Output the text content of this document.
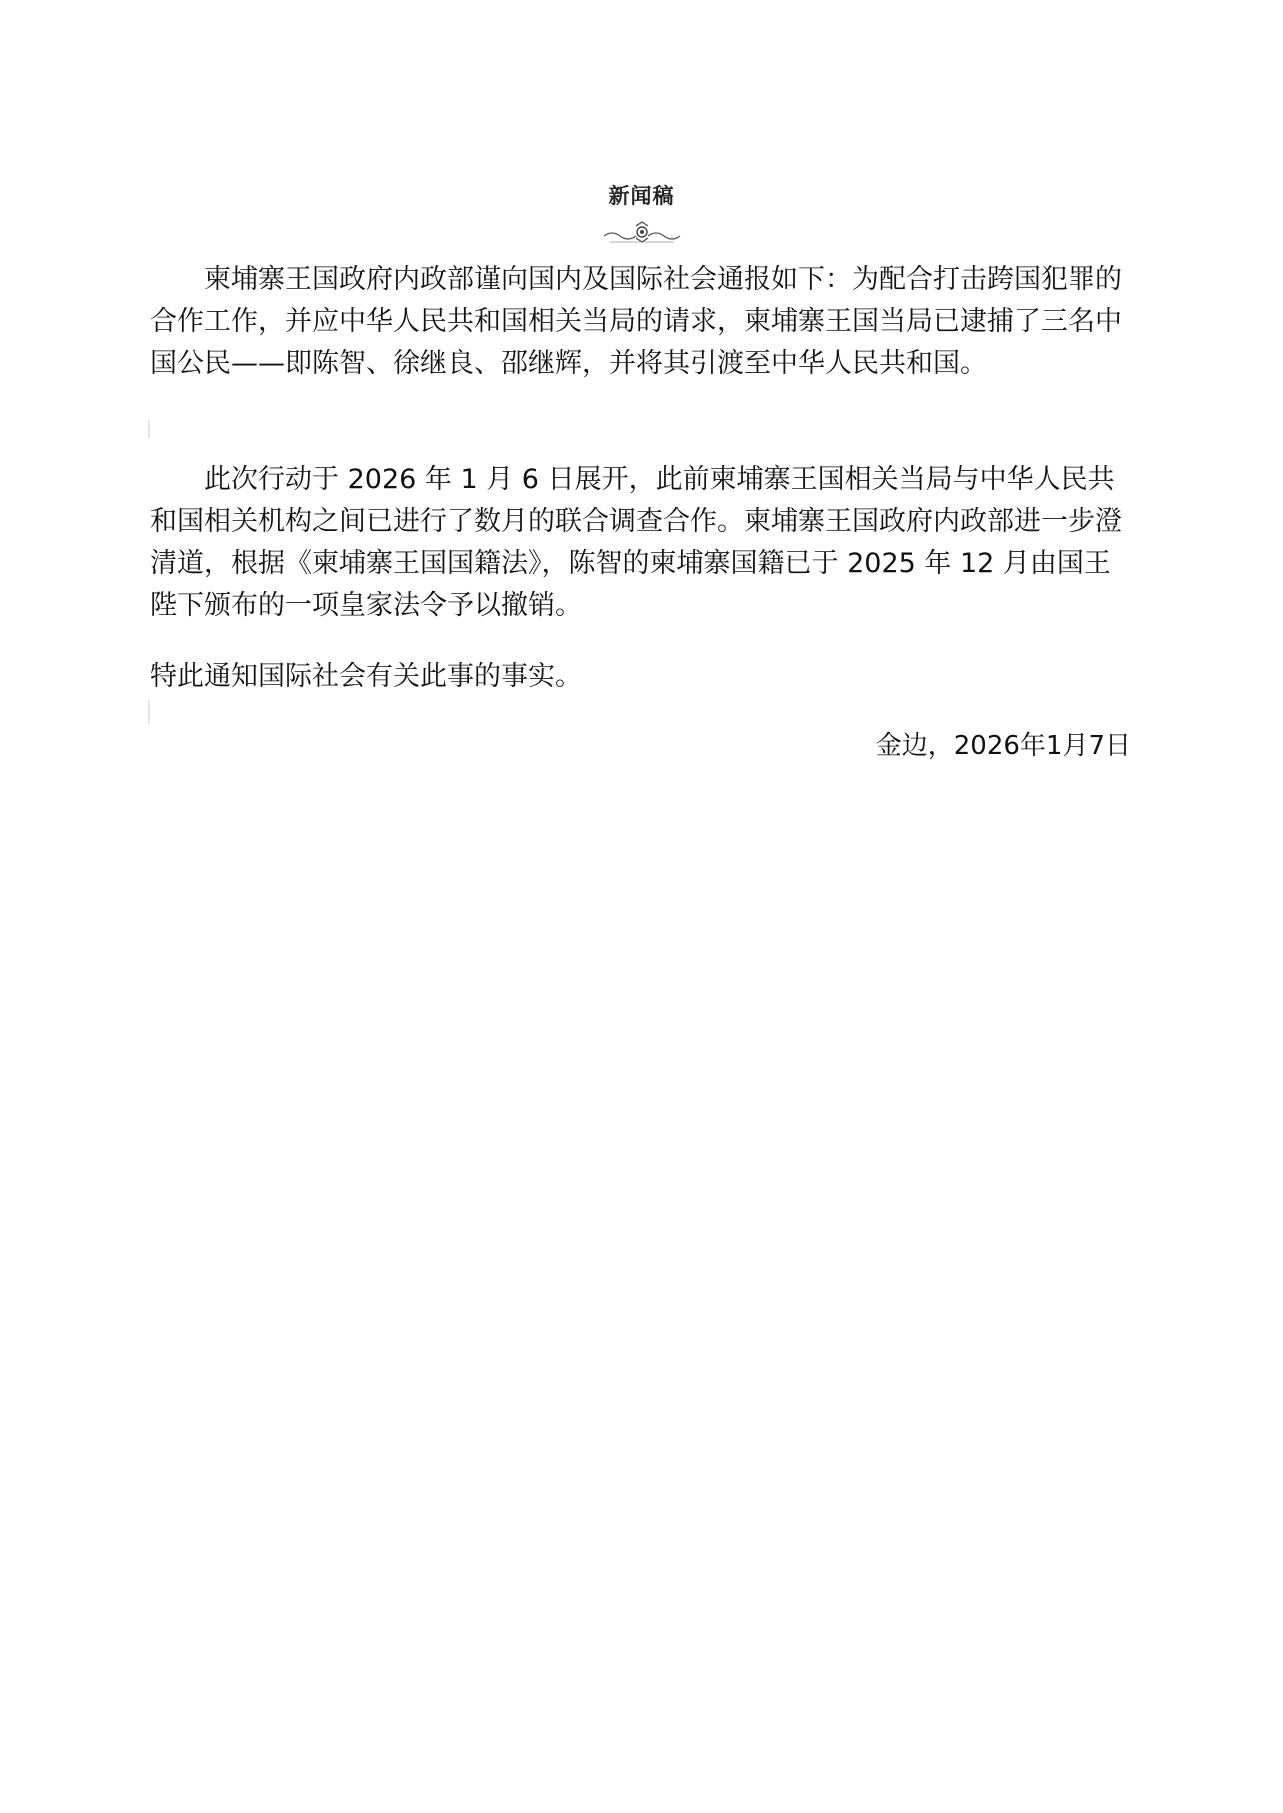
新闻稿

柬埔寨王国政府内政部谨向国内及国际社会通报如下：为配合打击跨国犯罪的合作工作，并应中华人民共和国相关当局的请求，柬埔寨王国当局已逮捕了三名中国公民——即陈智、徐继良、邵继辉，并将其引渡至中华人民共和国。

此次行动于 2026 年 1 月 6 日展开，此前柬埔寨王国相关当局与中华人民共和国相关机构之间已进行了数月的联合调查合作。柬埔寨王国政府内政部进一步澄清道，根据《柬埔寨王国国籍法》，陈智的柬埔寨国籍已于 2025 年 12 月由国王陛下颁布的一项皇家法令予以撤销。

特此通知国际社会有关此事的事实。

金边，2026年1月7日
